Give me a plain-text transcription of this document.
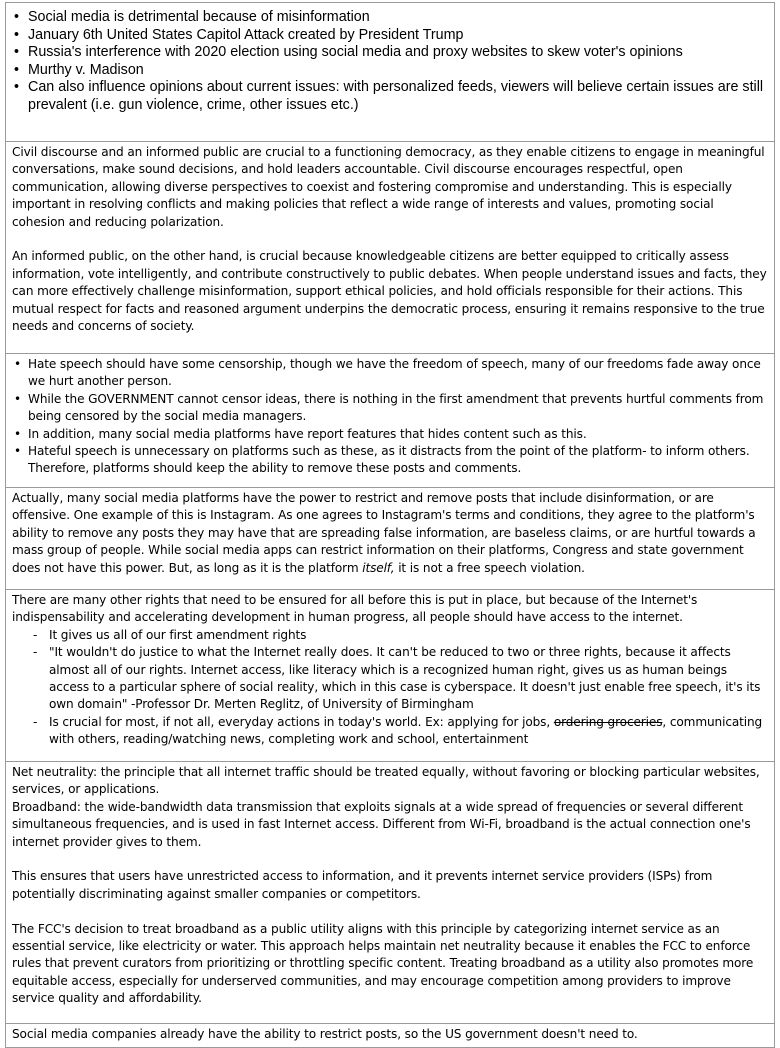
• Social media is detrimental because of misinformation
• January 6th United States Capitol Attack created by President Trump
• Russia's interference with 2020 election using social media and proxy websites to skew voter's opinions
• Murthy v. Madison
• Can also influence opinions about current issues: with personalized feeds, viewers will believe certain issues are still prevalent (i.e. gun violence, crime, other issues etc.)

Civil discourse and an informed public are crucial to a functioning democracy, as they enable citizens to engage in meaningful conversations, make sound decisions, and hold leaders accountable. Civil discourse encourages respectful, open communication, allowing diverse perspectives to coexist and fostering compromise and understanding. This is especially important in resolving conflicts and making policies that reflect a wide range of interests and values, promoting social cohesion and reducing polarization.

An informed public, on the other hand, is crucial because knowledgeable citizens are better equipped to critically assess information, vote intelligently, and contribute constructively to public debates. When people understand issues and facts, they can more effectively challenge misinformation, support ethical policies, and hold officials responsible for their actions. This mutual respect for facts and reasoned argument underpins the democratic process, ensuring it remains responsive to the true needs and concerns of society.

• Hate speech should have some censorship, though we have the freedom of speech, many of our freedoms fade away once we hurt another person.
• While the GOVERNMENT cannot censor ideas, there is nothing in the first amendment that prevents hurtful comments from being censored by the social media managers.
• In addition, many social media platforms have report features that hides content such as this.
• Hateful speech is unnecessary on platforms such as these, as it distracts from the point of the platform- to inform others. Therefore, platforms should keep the ability to remove these posts and comments.

Actually, many social media platforms have the power to restrict and remove posts that include disinformation, or are offensive. One example of this is Instagram. As one agrees to Instagram's terms and conditions, they agree to the platform's ability to remove any posts they may have that are spreading false information, are baseless claims, or are hurtful towards a mass group of people. While social media apps can restrict information on their platforms, Congress and state government does not have this power. But, as long as it is the platform itself, it is not a free speech violation.

There are many other rights that need to be ensured for all before this is put in place, but because of the Internet's indispensability and accelerating development in human progress, all people should have access to the internet.

- It gives us all of our first amendment rights
- "It wouldn't do justice to what the Internet really does. It can't be reduced to two or three rights, because it affects almost all of our rights. Internet access, like literacy which is a recognized human right, gives us as human beings access to a particular sphere of social reality, which in this case is cyberspace. It doesn't just enable free speech, it's its own domain" -Professor Dr. Merten Reglitz, of University of Birmingham
- Is crucial for most, if not all, everyday actions in today's world. Ex: applying for jobs, ordering groceries, communicating with others, reading/watching news, completing work and school, entertainment

Net neutrality: the principle that all internet traffic should be treated equally, without favoring or blocking particular websites, services, or applications.

Broadband: the wide-bandwidth data transmission that exploits signals at a wide spread of frequencies or several different simultaneous frequencies, and is used in fast Internet access. Different from Wi-Fi, broadband is the actual connection one's internet provider gives to them.

This ensures that users have unrestricted access to information, and it prevents internet service providers (ISPs) from potentially discriminating against smaller companies or competitors.

The FCC's decision to treat broadband as a public utility aligns with this principle by categorizing internet service as an essential service, like electricity or water. This approach helps maintain net neutrality because it enables the FCC to enforce rules that prevent curators from prioritizing or throttling specific content. Treating broadband as a utility also promotes more equitable access, especially for underserved communities, and may encourage competition among providers to improve service quality and affordability.

Social media companies already have the ability to restrict posts, so the US government doesn't need to.
